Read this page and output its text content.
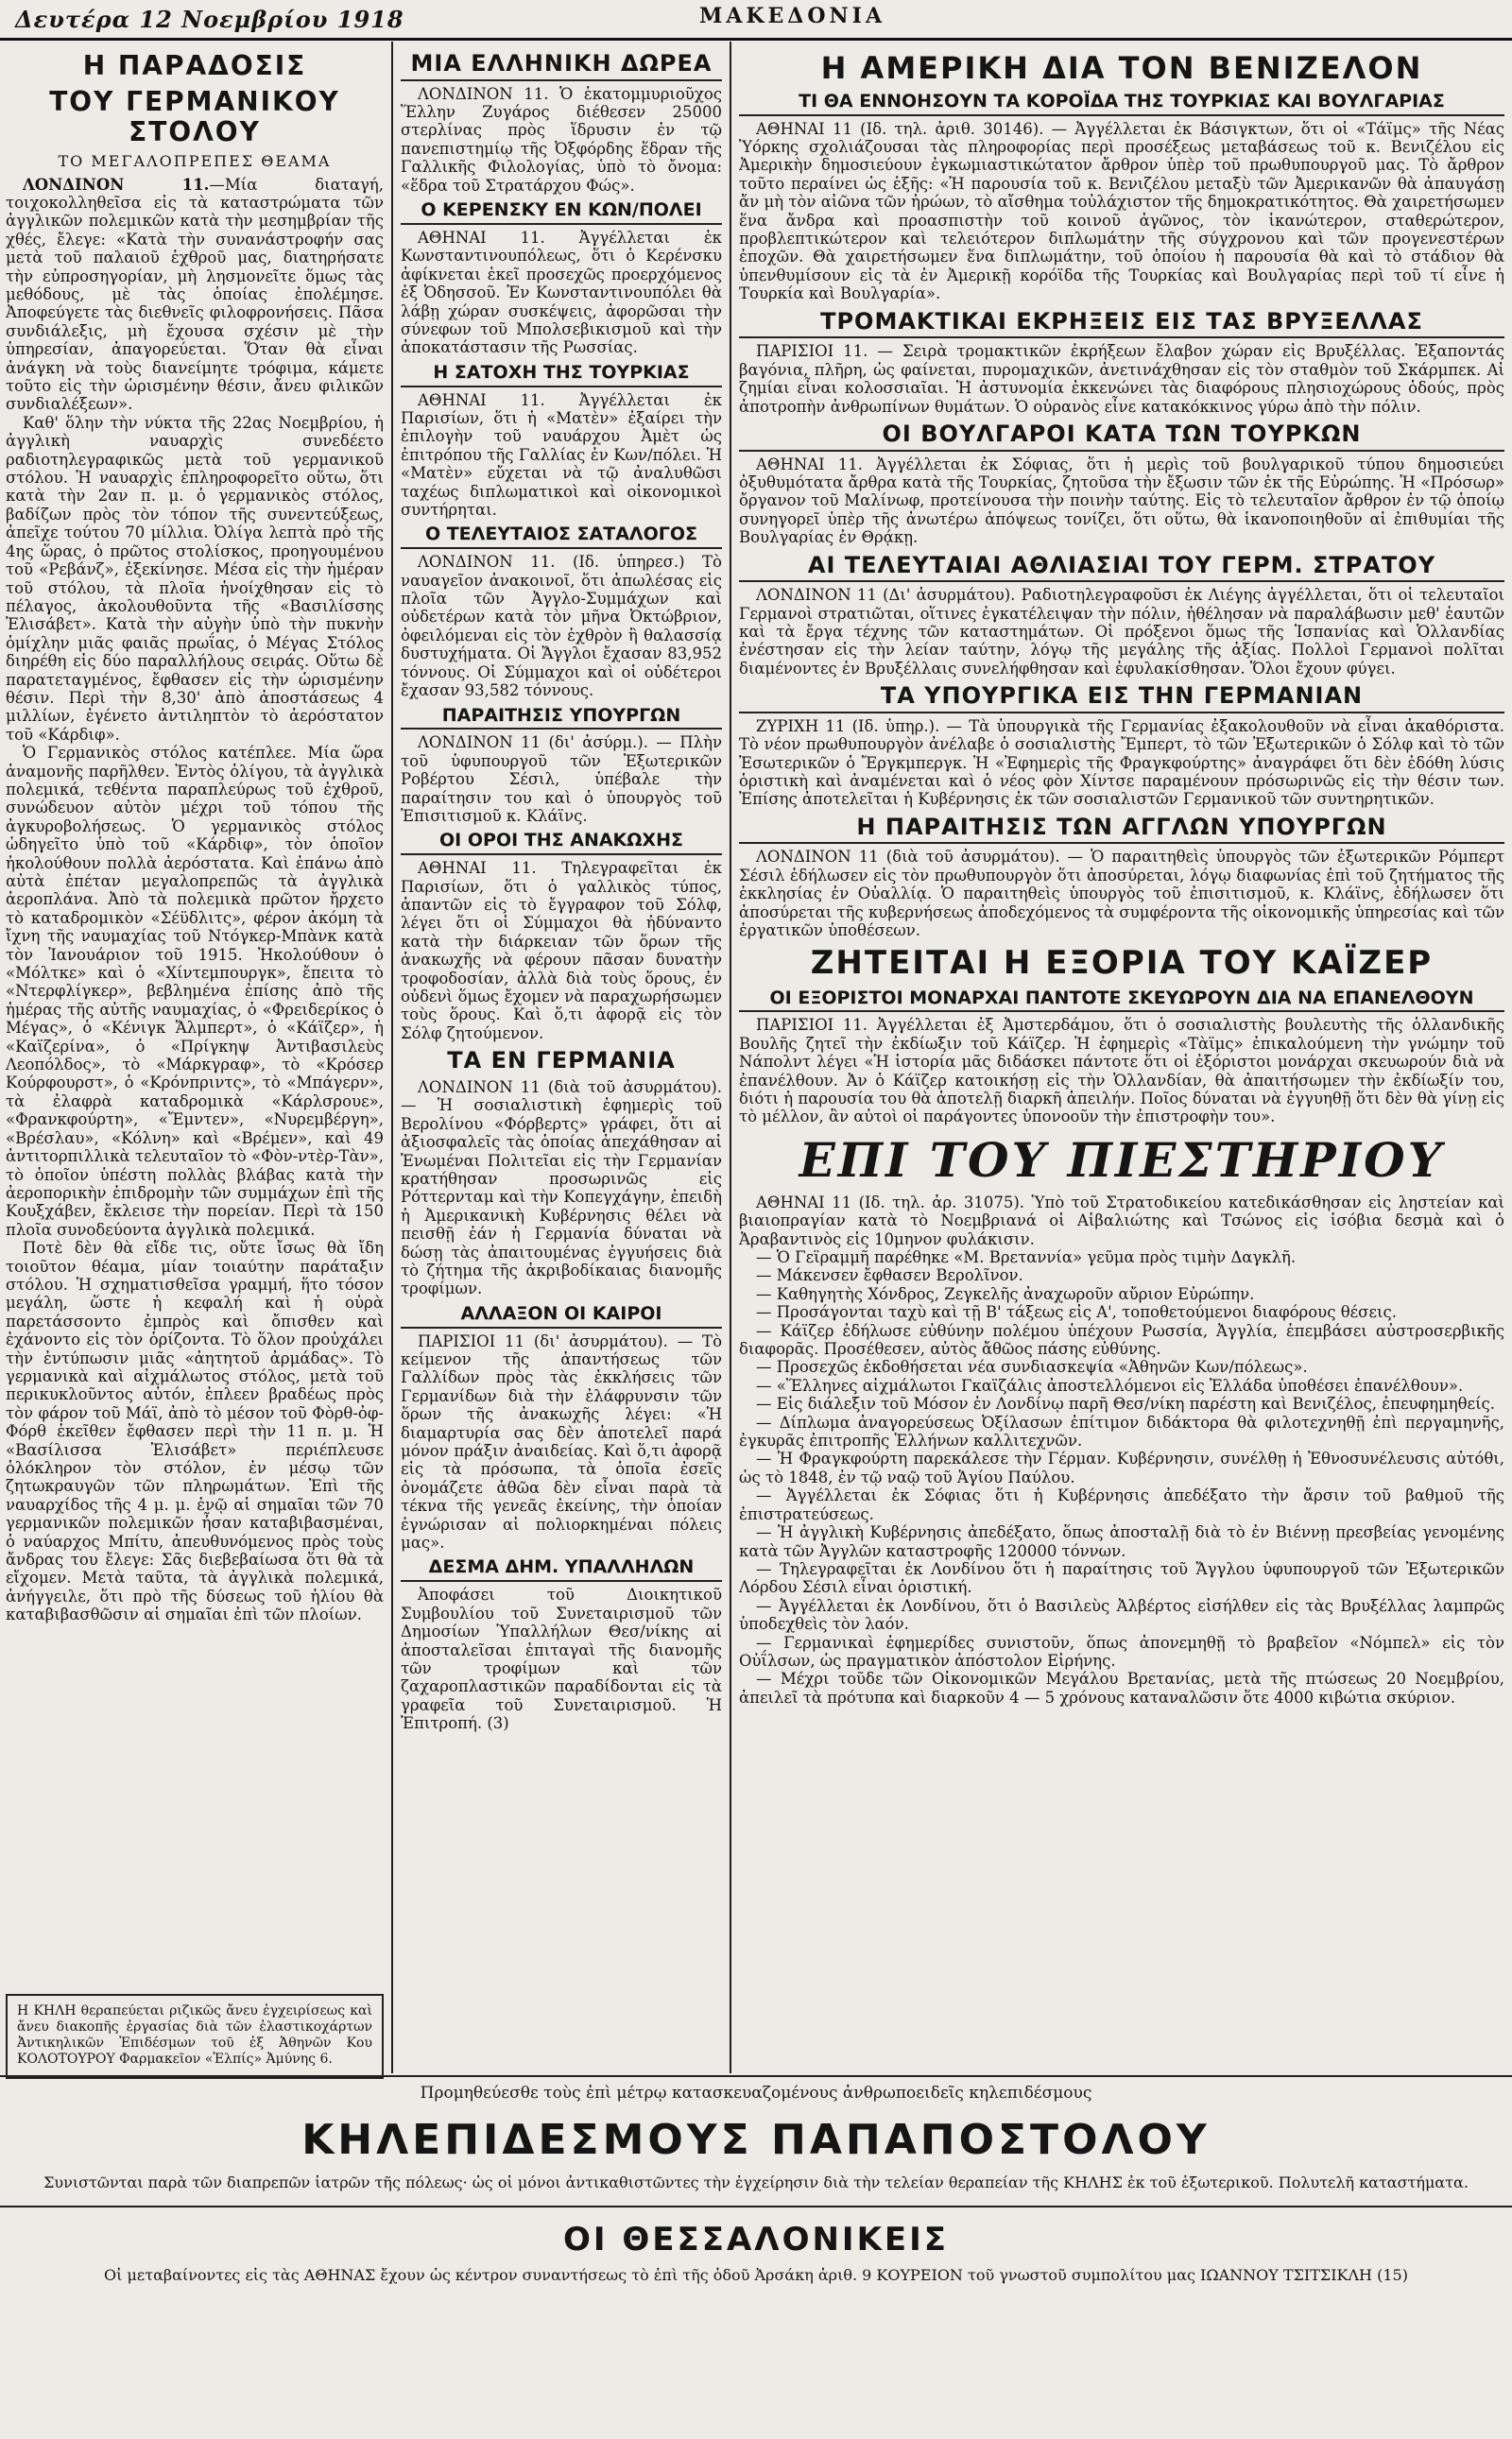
Δευτέρα 12 Νοεμβρίου 1918	ΜΑΚΕΔΟΝΙΑ
Η ΠΑΡΑΔΟΣΙΣ
ΤΟΥ ΓΕΡΜΑΝΙΚΟΥ ΣΤΟΛΟΥ
ΤΟ ΜΕΓΑΛΟΠΡΕΠΕΣ ΘΕΑΜΑ

ΛΟΝΔΙΝΟΝ 11.—Μία διαταγή, τοιχοκολληθεῖσα εἰς τὰ καταστρώματα τῶν ἀγγλικῶν πολεμικῶν κατὰ τὴν μεσημβρίαν τῆς χθές, ἔλεγε: «Κατὰ τὴν συνανάστροφήν σας μετὰ τοῦ παλαιοῦ ἐχθροῦ μας, διατηρήσατε τὴν εὐπροσηγορίαν, μὴ λησμονεῖτε ὅμως τὰς μεθόδους, μὲ τὰς ὁποίας ἐπολέμησε. Ἀποφεύγετε τὰς διεθνεῖς φιλοφρονήσεις. Πᾶσα συνδιάλεξις, μὴ ἔχουσα σχέσιν μὲ τὴν ὑπηρεσίαν, ἀπαγορεύεται. Ὅταν θὰ εἶναι ἀνάγκη νὰ τοὺς διανείμητε τρόφιμα, κάμετε τοῦτο εἰς τὴν ὡρισμένην θέσιν, ἄνευ φιλικῶν συνδιαλέξεων».

Καθ' ὅλην τὴν νύκτα τῆς 22ας Νοεμβρίου, ἡ ἀγγλικὴ ναυαρχὶς συνεδέετο ραδιοτηλεγραφικῶς μετὰ τοῦ γερμανικοῦ στόλου. Ἡ ναυαρχὶς ἐπληροφορεῖτο οὕτω, ὅτι κατὰ τὴν 2αν π. μ. ὁ γερμανικὸς στόλος, βαδίζων πρὸς τὸν τόπον τῆς συνεντεύξεως, ἀπεῖχε τούτου 70 μίλλια. Ὀλίγα λεπτὰ πρὸ τῆς 4ης ὥρας, ὁ πρῶτος στολίσκος, προηγουμένου τοῦ «Ρεβάνζ», ἐξεκίνησε. Μέσα εἰς τὴν ἡμέραν τοῦ στόλου, τὰ πλοῖα ἡνοίχθησαν εἰς τὸ πέλαγος, ἀκολουθοῦντα τῆς «Βασιλίσσης Ἐλισάβετ». Κατὰ τὴν αὐγὴν ὑπὸ τὴν πυκνὴν ὁμίχλην μιᾶς φαιᾶς πρωΐας, ὁ Μέγας Στόλος διηρέθη εἰς δύο παραλλήλους σειράς. Οὕτω δὲ παρατεταγμένος, ἔφθασεν εἰς τὴν ὡρισμένην θέσιν. Περὶ τὴν 8,30' ἀπὸ ἀποστάσεως 4 μιλλίων, ἐγένετο ἀντιληπτὸν τὸ ἀερόστατον τοῦ «Κάρδιφ».

Ὁ Γερμανικὸς στόλος κατέπλεε. Μία ὥρα ἀναμονῆς παρῆλθεν. Ἐντὸς ὀλίγου, τὰ ἀγγλικὰ πολεμικά, τεθέντα παραπλεύρως τοῦ ἐχθροῦ, συνώδευον αὐτὸν μέχρι τοῦ τόπου τῆς ἀγκυροβολήσεως. Ὁ γερμανικὸς στόλος ὡδηγεῖτο ὑπὸ τοῦ «Κάρδιφ», τὸν ὁποῖον ἠκολούθουν πολλὰ ἀερόστατα. Καὶ ἐπάνω ἀπὸ αὐτὰ ἐπέταν μεγαλοπρεπῶς τὰ ἀγγλικὰ ἀεροπλάνα. Ἀπὸ τὰ πολεμικὰ πρῶτον ἤρχετο τὸ καταδρομικὸν «Σέϋδλιτς», φέρον ἀκόμη τὰ ἴχνη τῆς ναυμαχίας τοῦ Ντόγκερ-Μπὰνκ κατὰ τὸν Ἰανουάριον τοῦ 1915. Ἠκολούθουν ὁ «Μόλτκε» καὶ ὁ «Χίντεμπουργκ», ἔπειτα τὸ «Ντερφλίγκερ», βεβλημένα ἐπίσης ἀπὸ τῆς ἡμέρας τῆς αὐτῆς ναυμαχίας, ὁ «Φρειδερίκος ὁ Μέγας», ὁ «Κένιγκ Ἄλμπερτ», ὁ «Κάϊζερ», ἡ «Καϊζερίνα», ὁ «Πρίγκηψ Ἀντιβασιλεὺς Λεοπόλδος», τὸ «Μάρκγραφ», τὸ «Κρόσερ Κούρφουρστ», ὁ «Κρόνπριντς», τὸ «Μπάγερν», τὰ ἐλαφρὰ καταδρομικὰ «Κάρλσρουε», «Φρανκφούρτη», «Ἔμντεν», «Νυρεμβέργη», «Βρέσλαυ», «Κόλνη» καὶ «Βρέμεν», καὶ 49 ἀντιτορπιλλικὰ τελευταῖον τὸ «Φὸν-ντὲρ-Τὰν», τὸ ὁποῖον ὑπέστη πολλὰς βλάβας κατὰ τὴν ἀεροπορικὴν ἐπιδρομὴν τῶν συμμάχων ἐπὶ τῆς Κουξχάβεν, ἔκλεισε τὴν πορείαν. Περὶ τὰ 150 πλοῖα συνοδεύοντα ἀγγλικὰ πολεμικά.

Ποτὲ δὲν θὰ εἴδε τις, οὔτε ἴσως θὰ ἴδη τοιοῦτον θέαμα, μίαν τοιαύτην παράταξιν στόλου. Ἡ σχηματισθεῖσα γραμμή, ἥτο τόσον μεγάλη, ὥστε ἡ κεφαλή καὶ ἡ οὐρὰ παρετάσσοντο ἐμπρὸς καὶ ὄπισθεν καὶ ἐχάνοντο εἰς τὸν ὁρίζοντα. Τὸ ὅλον προὐχάλει τὴν ἐντύπωσιν μιᾶς «ἀητητοῦ ἀρμάδας». Τὸ γερμανικὰ καὶ αἰχμάλωτος στόλος, μετὰ τοῦ περικυκλοῦντος αὐτόν, ἐπλεεν βραδέως πρὸς τὸν φάρον τοῦ Μάϊ, ἀπὸ τὸ μέσον τοῦ Φὸρθ-ὀφ-Φόρθ ἐκεῖθεν ἔφθασεν περὶ τὴν 11 π. μ. Ἡ «Βασίλισσα Ἐλισάβετ» περιέπλευσε ὁλόκληρον τὸν στόλον, ἐν μέσῳ τῶν ζητωκραυγῶν τῶν πληρωμάτων. Ἐπὶ τῆς ναυαρχίδος τῆς 4 μ. μ. ἐνῷ αἱ σημαῖαι τῶν 70 γερμανικῶν πολεμικῶν ἦσαν καταβιβασμέναι, ὁ ναύαρχος Μπίτυ, ἀπευθυνόμενος πρὸς τοὺς ἄνδρας του ἔλεγε: Σᾶς διεβεβαίωσα ὅτι θὰ τὰ εἴχομεν. Μετὰ ταῦτα, τὰ ἀγγλικὰ πολεμικά, ἀνήγγειλε, ὅτι πρὸ τῆς δύσεως τοῦ ἡλίου θὰ καταβιβασθῶσιν αἱ σημαῖαι ἐπὶ τῶν πλοίων.

Η ΚΗΛΗ θεραπεύεται ριζικῶς ἄνευ ἐγχειρίσεως καὶ ἄνευ διακοπῆς ἐργασίας διὰ τῶν ἐλαστικοχάρτων Ἀντικηλικῶν Ἐπιδέσμων τοῦ ἐξ Ἀθηνῶν Κου ΚΟΛΟΤΟΥΡΟΥ Φαρμακεῖον «Ἑλπίς» Ἀμύνης 6.

ΜΙΑ ΕΛΛΗΝΙΚΗ ΔΩΡΕΑ

ΛΟΝΔΙΝΟΝ 11. Ὁ ἑκατομμυριοῦχος Ἕλλην Ζυγάρος διέθεσεν 25000 στερλίνας πρὸς ἵδρυσιν ἐν τῷ πανεπιστημίῳ τῆς Ὀξφόρδης ἕδραν τῆς Γαλλικῆς Φιλολογίας, ὑπὸ τὸ ὄνομα: «ἕδρα τοῦ Στρατάρχου Φώς».

Ο ΚΕΡΕΝΣΚΥ ΕΝ ΚΩΝ/ΠΟΛΕΙ

ΑΘΗΝΑΙ 11. Ἀγγέλλεται ἐκ Κωνσταντινουπόλεως, ὅτι ὁ Κερένσκυ ἀφίκνεται ἐκεῖ προσεχῶς προερχόμενος ἐξ Ὀδησσοῦ. Ἐν Κωνσταντινουπόλει θὰ λάβῃ χώραν συσκέψεις, ἀφορῶσαι τὴν σύνεφων τοῦ Μπολσεβικισμοῦ καὶ τὴν ἀποκατάστασιν τῆς Ρωσσίας.

Η ΣΑΤΟΧΗ ΤΗΣ ΤΟΥΡΚΙΑΣ

ΑΘΗΝΑΙ 11. Ἀγγέλλεται ἐκ Παρισίων, ὅτι ἡ «Ματὲν» ἐξαίρει τὴν ἐπιλογὴν τοῦ ναυάρχου Ἀμὲτ ὡς ἐπιτρόπου τῆς Γαλλίας ἐν Κων/πόλει. Ἡ «Ματὲν» εὔχεται νὰ τῷ ἀναλυθῶσι ταχέως διπλωματικοὶ καὶ οἰκονομικοὶ συντήρηται.

Ο ΤΕΛΕΥΤΑΙΟΣ ΣΑΤΑΛΟΓΟΣ

ΛΟΝΔΙΝΟΝ 11. (Ιδ. ὑπηρεσ.) Τὸ ναυαγεῖον ἀνακοινοῖ, ὅτι ἀπωλέσας εἰς πλοῖα τῶν Ἀγγλο-Συμμάχων καὶ οὐδετέρων κατὰ τὸν μῆνα Ὀκτώβριον, ὀφειλόμεναι εἰς τὸν ἐχθρὸν ἢ θαλασσίᾳ δυστυχήματα. Οἱ Ἄγγλοι ἔχασαν 83,952 τόννους. Οἱ Σύμμαχοι καὶ οἱ οὐδέτεροι ἔχασαν 93,582 τόννους.

ΠΑΡΑΙΤΗΣΙΣ ΥΠΟΥΡΓΩΝ

ΛΟΝΔΙΝΟΝ 11 (δι' ἀσύρμ.). — Πλὴν τοῦ ὑφυπουργοῦ τῶν Ἐξωτερικῶν Ροβέρτου Σέσιλ, ὑπέβαλε τὴν παραίτησιν του καὶ ὁ ὑπουργὸς τοῦ Ἐπισιτισμοῦ κ. Κλάϊνς.

ΟΙ ΟΡΟΙ ΤΗΣ ΑΝΑΚΩΧΗΣ

ΑΘΗΝΑΙ 11. Τηλεγραφεῖται ἐκ Παρισίων, ὅτι ὁ γαλλικὸς τύπος, ἀπαντῶν εἰς τὸ ἔγγραφον τοῦ Σόλφ, λέγει ὅτι οἱ Σύμμαχοι θὰ ἠδύναντο κατὰ τὴν διάρκειαν τῶν ὅρων τῆς ἀνακωχῆς νὰ φέρουν πᾶσαν δυνατὴν τροφοδοσίαν, ἀλλὰ διὰ τοὺς ὅρους, ἐν οὐδενὶ ὅμως ἔχομεν νὰ παραχωρήσωμεν τοὺς ὅρους. Καὶ ὅ,τι ἀφορᾷ εἰς τὸν Σόλφ ζητούμενον.

ΤΑ ΕΝ ΓΕΡΜΑΝΙΑ

ΛΟΝΔΙΝΟΝ 11 (διὰ τοῦ ἀσυρμάτου). — Ἡ σοσιαλιστικὴ ἐφημερὶς τοῦ Βερολίνου «Φόρβερτς» γράφει, ὅτι αἱ ἀξιοσφαλεῖς τὰς ὁποίας ἀπεχάθησαν αἱ Ἑνωμέναι Πολιτεῖαι εἰς τὴν Γερμανίαν κρατήθησαν προσωρινῶς εἰς Ρόττερνταμ καὶ τὴν Κοπεγχάγην, ἐπειδὴ ἡ Ἀμερικανικὴ Κυβέρνησις θέλει νὰ πεισθῇ ἐάν ἡ Γερμανία δύναται νὰ δώσῃ τὰς ἀπαιτουμένας ἐγγυήσεις διὰ τὸ ζήτημα τῆς ἀκριβοδίκαιας διανομῆς τροφίμων.

ΑΛΛΑΞΟΝ ΟΙ ΚΑΙΡΟΙ

ΠΑΡΙΣΙΟΙ 11 (δι' ἀσυρμάτου). — Τὸ κείμενον τῆς ἀπαντήσεως τῶν Γαλλίδων πρὸς τὰς ἐκκλήσεις τῶν Γερμανίδων διὰ τὴν ἐλάφρυνσιν τῶν ὅρων τῆς ἀνακωχῆς λέγει: «Ἡ διαμαρτυρία σας δὲν ἀποτελεῖ παρά μόνον πράξιν ἀναιδείας. Καὶ ὅ,τι ἀφορᾷ εἰς τὰ πρόσωπα, τὰ ὁποῖα ἐσεῖς ὀνομάζετε ἀθῶα δὲν εἶναι παρὰ τὰ τέκνα τῆς γενεᾶς ἐκείνης, τὴν ὁποίαν ἐγνώρισαν αἱ πολιορκημέναι πόλεις μας».

ΔΕΣΜΑ ΔΗΜ. ΥΠΑΛΛΗΛΩΝ

Ἀποφάσει τοῦ Διοικητικοῦ Συμβουλίου τοῦ Συνεταιρισμοῦ τῶν Δημοσίων Ὑπαλλήλων Θεσ/νίκης αἱ ἀποσταλεῖσαι ἐπιταγαὶ τῆς διανομῆς τῶν τροφίμων καὶ τῶν ζαχαροπλαστικῶν παραδίδονται εἰς τὰ γραφεῖα τοῦ Συνεταιρισμοῦ. Ἡ Ἐπιτροπή. (3)

Η ΑΜΕΡΙΚΗ ΔΙΑ ΤΟΝ ΒΕΝΙΖΕΛΟΝ
ΤΙ ΘΑ ΕΝΝΟΗΣΟΥΝ ΤΑ ΚΟΡΟΪΔΑ ΤΗΣ ΤΟΥΡΚΙΑΣ ΚΑΙ ΒΟΥΛΓΑΡΙΑΣ

ΑΘΗΝΑΙ 11 (Ιδ. τηλ. ἀριθ. 30146). — Ἀγγέλλεται ἐκ Βάσιγκτων, ὅτι οἱ «Τάϊμς» τῆς Νέας Ὑόρκης σχολιάζουσαι τὰς πληροφορίας περὶ προσέξεως μεταβάσεως τοῦ κ. Βενιζέλου εἰς Ἀμερικὴν δημοσιεύουν ἐγκωμιαστικώτατον ἄρθρον ὑπὲρ τοῦ πρωθυπουργοῦ μας. Τὸ ἄρθρον τοῦτο περαίνει ὡς ἑξῆς: «Ἡ παρουσία τοῦ κ. Βενιζέλου μεταξὺ τῶν Ἀμερικανῶν θὰ ἀπαυγάσῃ ἄν μὴ τὸν αἰῶνα τῶν ἡρώων, τὸ αἴσθημα τοὐλάχιστον τῆς δημοκρατικότητος. Θὰ χαιρετήσωμεν ἕνα ἄνδρα καὶ προασπιστὴν τοῦ κοινοῦ ἀγῶνος, τὸν ἱκανώτερον, σταθερώτερον, προβλεπτικώτερον καὶ τελειότερον διπλωμάτην τῆς σύγχρονου καὶ τῶν προγενεστέρων ἐποχῶν. Θὰ χαιρετήσωμεν ἕνα διπλωμάτην, τοῦ ὁποίου ἡ παρουσία θὰ καὶ τὸ στάδιον θὰ ὑπενθυμίσουν εἰς τὰ ἐν Ἀμερικῇ κορόϊδα τῆς Τουρκίας καὶ Βουλγαρίας περὶ τοῦ τί εἶνε ἡ Τουρκία καὶ Βουλγαρία».

ΤΡΟΜΑΚΤΙΚΑΙ ΕΚΡΗΞΕΙΣ ΕΙΣ ΤΑΣ ΒΡΥΞΕΛΛΑΣ

ΠΑΡΙΣΙΟΙ 11. — Σειρὰ τρομακτικῶν ἐκρήξεων ἔλαβον χώραν εἰς Βρυξέλλας. Ἐξαποντάς βαγόνια, πλῆρη, ὡς φαίνεται, πυρομαχικῶν, ἀνετινάχθησαν εἰς τὸν σταθμὸν τοῦ Σκάρμπεκ. Αἱ ζημίαι εἶναι κολοσσιαῖαι. Ἡ ἀστυνομία ἐκκενώνει τὰς διαφόρους πλησιοχώρους ὁδούς, πρὸς ἀποτροπὴν ἀνθρωπίνων θυμάτων. Ὁ οὐρανὸς εἶνε κατακόκκινος γύρω ἀπὸ τὴν πόλιν.

ΟΙ ΒΟΥΛΓΑΡΟΙ ΚΑΤΑ ΤΩΝ ΤΟΥΡΚΩΝ

ΑΘΗΝΑΙ 11. Ἀγγέλλεται ἐκ Σόφιας, ὅτι ἡ μερὶς τοῦ βουλγαρικοῦ τύπου δημοσιεύει ὀξυθυμότατα ἄρθρα κατὰ τῆς Τουρκίας, ζητοῦσα τὴν ἔξωσιν τῶν ἐκ τῆς Εὐρώπης. Ἡ «Πρόσωρ» ὄργανον τοῦ Μαλίνωφ, προτείνουσα τὴν ποινὴν ταύτης. Εἰς τὸ τελευταῖον ἄρθρον ἐν τῷ ὁποίῳ συνηγορεῖ ὑπὲρ τῆς ἀνωτέρω ἀπόψεως τονίζει, ὅτι οὕτω, θὰ ἱκανοποιηθοῦν αἱ ἐπιθυμίαι τῆς Βουλγαρίας ἐν Θρᾴκῃ.

ΑΙ ΤΕΛΕΥΤΑΙΑΙ ΑΘΛΙΑΣΙΑΙ ΤΟΥ ΓΕΡΜ. ΣΤΡΑΤΟΥ

ΛΟΝΔΙΝΟΝ 11 (Δι' ἀσυρμάτου). Ραδιοτηλεγραφοῦσι ἐκ Λιέγης ἀγγέλλεται, ὅτι οἱ τελευταῖοι Γερμανοὶ στρατιῶται, οἵτινες ἐγκατέλειψαν τὴν πόλιν, ἠθέλησαν νὰ παραλάβωσιν μεθ' ἑαυτῶν καὶ τὰ ἔργα τέχνης τῶν καταστημάτων. Οἱ πρόξενοι ὅμως τῆς Ἱσπανίας καὶ Ὁλλανδίας ἐνέστησαν εἰς τὴν λείαν ταύτην, λόγῳ τῆς μεγάλης τῆς ἀξίας. Πολλοὶ Γερμανοὶ πολῖται διαμένοντες ἐν Βρυξέλλαις συνελήφθησαν καὶ ἐφυλακίσθησαν. Ὅλοι ἔχουν φύγει.

ΤΑ ΥΠΟΥΡΓΙΚΑ ΕΙΣ ΤΗΝ ΓΕΡΜΑΝΙΑΝ

ΖΥΡΙΧΗ 11 (Ιδ. ὑπηρ.). — Τὰ ὑπουργικὰ τῆς Γερμανίας ἐξακολουθοῦν νὰ εἶναι ἀκαθόριστα. Τὸ νέον πρωθυπουργὸν ἀνέλαβε ὁ σοσιαλιστὴς Ἔμπερτ, τὸ τῶν Ἐξωτερικῶν ὁ Σόλφ καὶ τὸ τῶν Ἐσωτερικῶν ὁ Ἔργκμπεργκ. Ἡ «Ἐφημερὶς τῆς Φραγκφούρτης» ἀναγράφει ὅτι δὲν ἐδόθη λύσις ὁριστικὴ καὶ ἀναμένεται καὶ ὁ νέος φὸν Χίντσε παραμένουν πρόσωρινῶς εἰς τὴν θέσιν των. Ἐπίσης ἀποτελεῖται ἡ Κυβέρνησις ἐκ τῶν σοσιαλιστῶν Γερμανικοῦ τῶν συντηρητικῶν.

Η ΠΑΡΑΙΤΗΣΙΣ ΤΩΝ ΑΓΓΛΩΝ ΥΠΟΥΡΓΩΝ

ΛΟΝΔΙΝΟΝ 11 (διὰ τοῦ ἀσυρμάτου). — Ὁ παραιτηθεὶς ὑπουργὸς τῶν ἐξωτερικῶν Ρόμπερτ Σέσιλ ἐδήλωσεν εἰς τὸν πρωθυπουργὸν ὅτι ἀποσύρεται, λόγῳ διαφωνίας ἐπὶ τοῦ ζητήματος τῆς ἐκκλησίας ἐν Οὐαλλίᾳ. Ὁ παραιτηθεὶς ὑπουργὸς τοῦ ἐπισιτισμοῦ, κ. Κλάϊνς, ἐδήλωσεν ὅτι ἀποσύρεται τῆς κυβερνήσεως ἀποδεχόμενος τὰ συμφέροντα τῆς οἰκονομικῆς ὑπηρεσίας καὶ τῶν ἐργατικῶν ὑποθέσεων.

ΖΗΤΕΙΤΑΙ Η ΕΞΟΡΙΑ ΤΟΥ ΚΑΪΖΕΡ
ΟΙ ΕΞΟΡΙΣΤΟΙ ΜΟΝΑΡΧΑΙ ΠΑΝΤΟΤΕ ΣΚΕΥΩΡΟΥΝ ΔΙΑ ΝΑ ΕΠΑΝΕΛΘΟΥΝ

ΠΑΡΙΣΙΟΙ 11. Ἀγγέλλεται ἐξ Ἀμστερδάμου, ὅτι ὁ σοσιαλιστὴς βουλευτὴς τῆς ὁλλανδικῆς Βουλῆς ζητεῖ τὴν ἐκδίωξιν τοῦ Κάϊζερ. Ἡ ἐφημερὶς «Τὰϊμς» ἐπικαλούμενη τὴν γνώμην τοῦ Νάπολντ λέγει «Ἡ ἱστορία μᾶς διδάσκει πάντοτε ὅτι οἱ ἐξόριστοι μονάρχαι σκευωρούν διὰ νὰ ἐπανέλθουν. Ἀν ὁ Κάϊζερ κατοικήσῃ εἰς τὴν Ὁλλανδίαν, θὰ ἀπαιτήσωμεν τὴν ἐκδίωξίν του, διότι ἡ παρουσία του θὰ ἀποτελῇ διαρκῆ ἀπειλήν. Ποῖος δύναται νὰ ἐγγυηθῇ ὅτι δὲν θὰ γίνῃ εἰς τὸ μέλλον, ἂν αὐτοὶ οἱ παράγοντες ὑπονοοῦν τὴν ἐπιστροφὴν του».

ΕΠΙ ΤΟΥ ΠΙΕΣΤΗΡΙΟΥ

ΑΘΗΝΑΙ 11 (Ιδ. τηλ. ἀρ. 31075). Ὑπὸ τοῦ Στρατοδικείου κατεδικάσθησαν εἰς ληστείαν καὶ βιαιοπραγίαν κατὰ τὸ Νοεμβριανά οἱ Αἰβαλιώτης καὶ Τσώνος εἰς ἰσόβια δεσμὰ καὶ ὁ Ἀραβαντινὸς εἰς 10μηνον φυλάκισιν.

— Ὁ Γεϊραμμῆ παρέθηκε «Μ. Βρεταννία» γεῦμα πρὸς τιμὴν Δαγκλῆ.

— Μάκενσεν ἔφθασεν Βερολῖνον.

— Καθηγητὴς Χόνδρος, Ζεγκελῆς ἀναχωροῦν αὔριον Εὐρώπην.

— Προσάγονται ταχὺ καὶ τῇ Β' τάξεως εἰς Α', τοποθετούμενοι διαφόρους θέσεις.

— Κάϊζερ ἐδήλωσε εὐθύνην πολέμου ὑπέχουν Ρωσσία, Ἀγγλία, ἐπεμβάσει αὐστροσερβικῆς διαφορᾶς. Προσέθεσεν, αὐτὸς ἄθῶος πάσης εὐθύνης.

— Προσεχῶς ἐκδοθήσεται νέα συνδιασκεψία «Ἀθηνῶν Κων/πόλεως».

— «Ἕλληνες αἰχμάλωτοι Γκαϊζάλις ἀποστελλόμενοι εἰς Ἑλλάδα ὑποθέσει ἐπανέλθουν».

— Εἰς διάλεξιν τοῦ Μόσον ἐν Λονδίνῳ παρῆ Θεσ/νίκη παρέστη καὶ Βενιζέλος, ἐπευφημηθείς.

— Δίπλωμα ἀναγορεύσεως Ὀξίλασων ἐπίτιμον διδάκτορα θὰ φιλοτεχνηθῇ ἐπὶ περγαμηνῆς, ἐγκυρᾶς ἐπιτροπῆς Ἑλλήνων καλλιτεχνῶν.

— Ἡ Φραγκφούρτη παρεκάλεσε τὴν Γέρμαν. Κυβέρνησιν, συνέλθῃ ἡ Ἐθνοσυνέλευσις αὐτόθι, ὡς τὸ 1848, ἐν τῷ ναῷ τοῦ Ἁγίου Παύλου.

— Ἀγγέλλεται ἐκ Σόφιας ὅτι ἡ Κυβέρνησις ἀπεδέξατο τὴν ἄρσιν τοῦ βαθμοῦ τῆς ἐπιστρατεύσεως.

— Ἡ ἀγγλικὴ Κυβέρνησις ἀπεδέξατο, ὅπως ἀποσταλῇ διὰ τὸ ἐν Βιέννῃ πρεσβείας γενομένης κατὰ τῶν Ἀγγλῶν καταστροφῆς 120000 τόννων.

— Τηλεγραφεῖται ἐκ Λονδίνου ὅτι ἡ παραίτησις τοῦ Ἄγγλου ὑφυπουργοῦ τῶν Ἐξωτερικῶν Λόρδου Σέσιλ εἶναι ὁριστική.

— Ἀγγέλλεται ἐκ Λονδίνου, ὅτι ὁ Βασιλεὺς Ἀλβέρτος εἰσήλθεν εἰς τὰς Βρυξέλλας λαμπρῶς ὑποδεχθεὶς τὸν λαόν.

— Γερμανικαὶ ἐφημερίδες συνιστοῦν, ὅπως ἀπονεμηθῇ τὸ βραβεῖον «Νόμπελ» εἰς τὸν Οὐΐλσων, ὡς πραγματικὸν ἀπόστολον Εἰρήνης.

— Μέχρι τοῦδε τῶν Οἰκονομικῶν Μεγάλου Βρετανίας, μετὰ τῆς πτώσεως 20 Νοεμβρίου, ἀπειλεῖ τὰ πρότυπα καὶ διαρκοῦν 4 — 5 χρόνους καταναλῶσιν ὅτε 4000 κιβώτια σκύριον.

Προμηθεύεσθε τοὺς ἐπὶ μέτρῳ κατασκευαζομένους ἀνθρωποειδεῖς κηλεπιδέσμους

ΚΗΛΕΠΙΔΕΣΜΟΥΣ ΠΑΠΑΠΟΣΤΟΛΟΥ

Συνιστῶνται παρὰ τῶν διαπρεπῶν ἰατρῶν τῆς πόλεως· ὡς οἱ μόνοι ἀντικαθιστῶντες τὴν ἐγχείρησιν διὰ τὴν τελείαν θεραπείαν τῆς ΚΗΛΗΣ ἐκ τοῦ ἐξωτερικοῦ. Πολυτελῆ καταστήματα.

ΟΙ ΘΕΣΣΑΛΟΝΙΚΕΙΣ

Οἱ μεταβαίνοντες εἰς τὰς ΑΘΗΝΑΣ ἔχουν ὡς κέντρον συναντήσεως τὸ ἐπὶ τῆς ὁδοῦ Ἀρσάκη ἀριθ. 9 ΚΟΥΡΕΙΟΝ τοῦ γνωστοῦ συμπολίτου μας ΙΩΑΝΝΟΥ ΤΣΙΤΣΙΚΛΗ (15)
